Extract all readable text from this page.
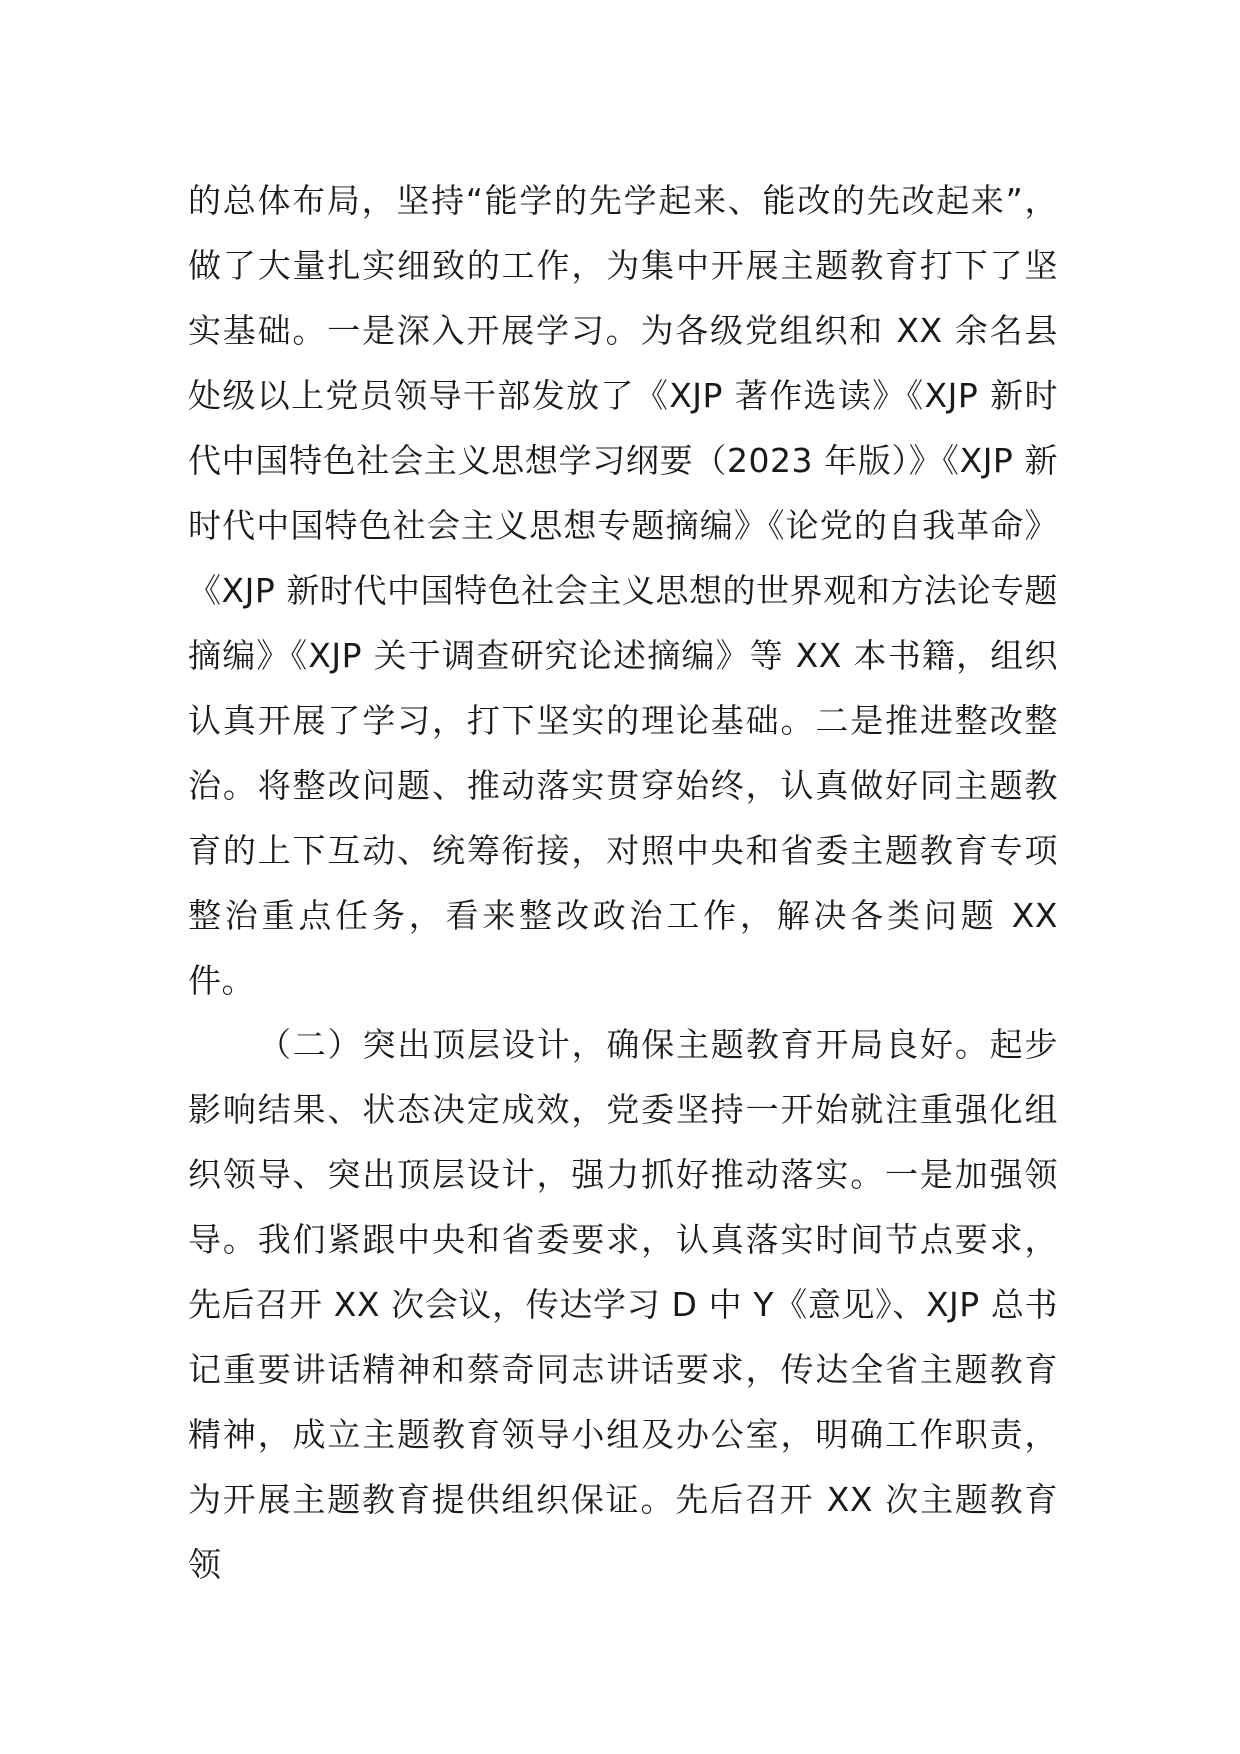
的总体布局，坚持“能学的先学起来、能改的先改起来”，做了大量扎实细致的工作，为集中开展主题教育打下了坚实基础。一是深入开展学习。为各级党组织和 XX 余名县处级以上党员领导干部发放了《XJP 著作选读》《XJP 新时代中国特色社会主义思想学习纲要（2023 年版）》《XJP 新时代中国特色社会主义思想专题摘编》《论党的自我革命》《XJP 新时代中国特色社会主义思想的世界观和方法论专题摘编》《XJP 关于调查研究论述摘编》等 XX 本书籍，组织认真开展了学习，打下坚实的理论基础。二是推进整改整治。将整改问题、推动落实贯穿始终，认真做好同主题教育的上下互动、统筹衔接，对照中央和省委主题教育专项整治重点任务，看来整改政治工作，解决各类问题 XX 件。

（二）突出顶层设计，确保主题教育开局良好。起步影响结果、状态决定成效，党委坚持一开始就注重强化组织领导、突出顶层设计，强力抓好推动落实。一是加强领导。我们紧跟中央和省委要求，认真落实时间节点要求，先后召开 XX 次会议，传达学习 D 中 Y《意见》、XJP 总书记重要讲话精神和蔡奇同志讲话要求，传达全省主题教育精神，成立主题教育领导小组及办公室，明确工作职责，为开展主题教育提供组织保证。先后召开 XX 次主题教育领
